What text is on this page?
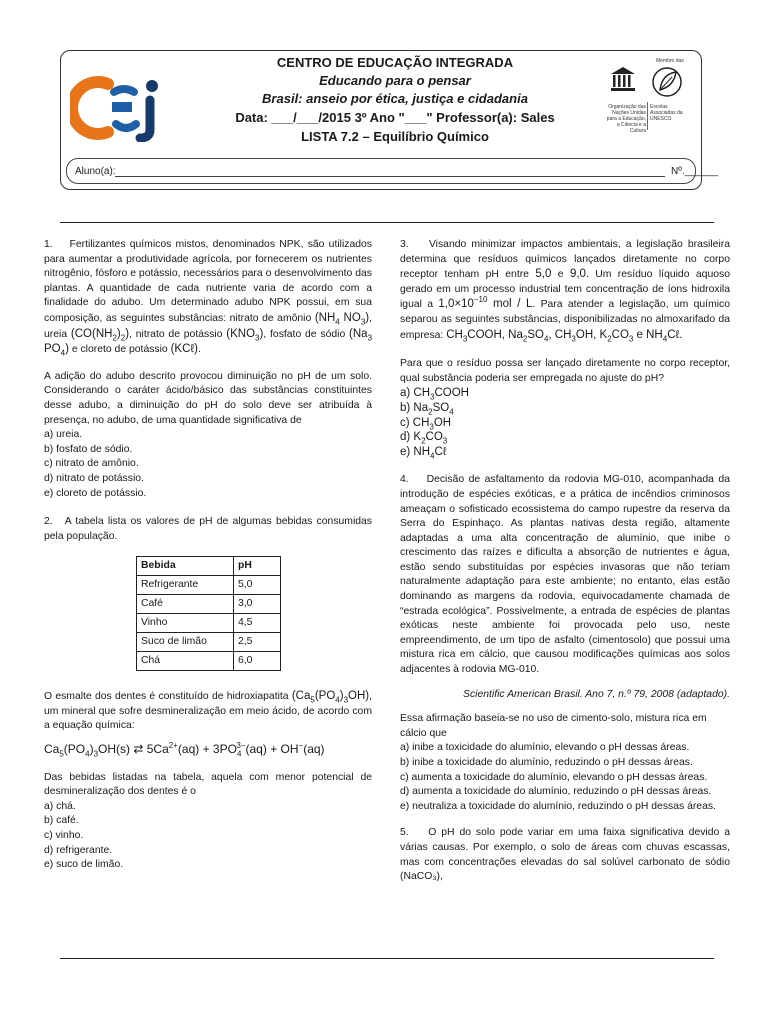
CENTRO DE EDUCAÇÃO INTEGRADA
Educando para o pensar
Brasil: anseio por ética, justiça e cidadania
Data: ___/___/2015 3º Ano "___" Professor(a): Sales
LISTA 7.2 – Equilíbrio Químico
Membro das
Organização das Nações Unidas para a Educação, a Ciência e a Cultura
Escolas Associadas da UNESCO
Aluno(a):	Nº.______

1. Fertilizantes químicos mistos, denominados NPK, são utilizados para aumentar a produtividade agrícola, por fornecerem os nutrientes nitrogênio, fósforo e potássio, necessários para o desenvolvimento das plantas. A quantidade de cada nutriente varia de acordo com a finalidade do adubo. Um determinado adubo NPK possui, em sua composição, as seguintes substâncias: nitrato de amônio ($NH_4$ $NO_3$), ureia $(CO(NH_2)_2)$, nitrato de potássio $(KNO_3)$, fosfato de sódio ($Na_3$ $PO_4$) e cloreto de potássio (KCℓ).

A adição do adubo descrito provocou diminuição no pH de um solo. Considerando o caráter ácido/básico das substâncias constituintes desse adubo, a diminuição do pH do solo deve ser atribuída à presença, no adubo, de uma quantidade significativa de

a) ureia.
b) fosfato de sódio.
c) nitrato de amônio.
d) nitrato de potássio.
e) cloreto de potássio.

2. A tabela lista os valores de pH de algumas bebidas consumidas pela população.

Bebida	pH
Refrigerante	5,0
Café	3,0
Vinho	4,5
Suco de limão	2,5
Chá	6,0

O esmalte dos dentes é constituído de hidroxiapatita $(Ca_5(PO_4)_3OH)$, um mineral que sofre desmineralização em meio ácido, de acordo com a equação química:

$Ca_5(PO_4)_3OH(s)$ ⇄ $5Ca^{2+}(aq) + 3PO_4^{3-}(aq) + OH^-(aq)$

Das bebidas listadas na tabela, aquela com menor potencial de desmineralização dos dentes é o

a) chá.
b) café.
c) vinho.
d) refrigerante.
e) suco de limão.

3. Visando minimizar impactos ambientais, a legislação brasileira determina que resíduos químicos lançados diretamente no corpo receptor tenham pH entre 5,0 e 9,0. Um resíduo líquido aquoso gerado em um processo industrial tem concentração de íons hidroxila igual a $1,0\times 10^{-10}$ mol / L. Para atender a legislação, um químico separou as seguintes substâncias, disponibilizadas no almoxarifado da empresa: $CH_3COOH$, $Na_2SO_4$, $CH_3OH$, $K_2CO_3$ e $NH_4C\ell$.

Para que o resíduo possa ser lançado diretamente no corpo receptor, qual substância poderia ser empregada no ajuste do pH?

a) $CH_3COOH$
b) $Na_2SO_4$
c) $CH_3OH$
d) $K_2CO_3$
e) $NH_4C\ell$

4. Decisão de asfaltamento da rodovia MG-010, acompanhada da introdução de espécies exóticas, e a prática de incêndios criminosos ameaçam o sofisticado ecossistema do campo rupestre da reserva da Serra do Espinhaço. As plantas nativas desta região, altamente adaptadas a uma alta concentração de alumínio, que inibe o crescimento das raízes e dificulta a absorção de nutrientes e água, estão sendo substituídas por espécies invasoras que não teriam naturalmente adaptação para este ambiente; no entanto, elas estão dominando as margens da rodovia, equivocadamente chamada de “estrada ecológica”. Possivelmente, a entrada de espécies de plantas exóticas neste ambiente foi provocada pelo uso, neste empreendimento, de um tipo de asfalto (cimentosolo) que possui uma mistura rica em cálcio, que causou modificações químicas aos solos adjacentes à rodovia MG-010.

Scientific American Brasil. Ano 7, n.º 79, 2008 (adaptado).

Essa afirmação baseia-se no uso de cimento-solo, mistura rica em cálcio que

a) inibe a toxicidade do alumínio, elevando o pH dessas áreas.
b) inibe a toxicidade do alumínio, reduzindo o pH dessas áreas.
c) aumenta a toxicidade do alumínio, elevando o pH dessas áreas.
d) aumenta a toxicidade do alumínio, reduzindo o pH dessas áreas.
e) neutraliza a toxicidade do alumínio, reduzindo o pH dessas áreas.

5. O pH do solo pode variar em uma faixa significativa devido a várias causas. Por exemplo, o solo de áreas com chuvas escassas, mas com concentrações elevadas do sal solúvel carbonato de sódio (NaCO₃),
